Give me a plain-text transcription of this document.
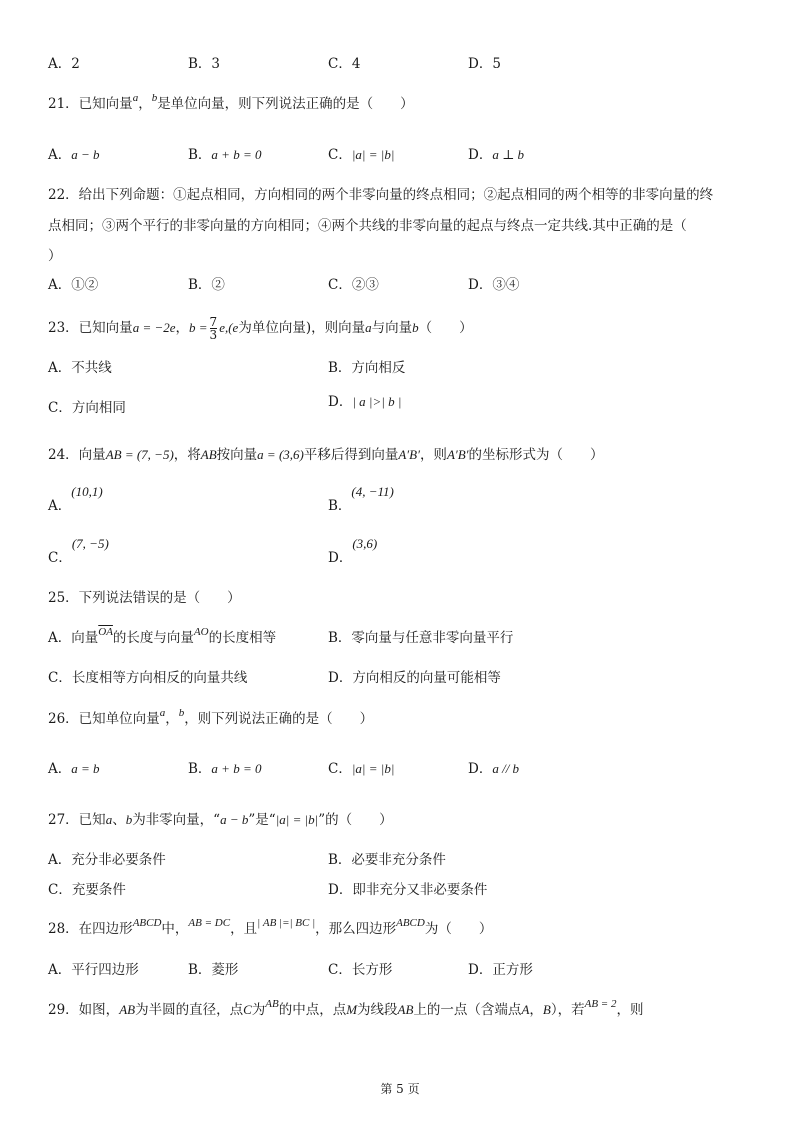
A．2	B．3	C．4	D．5
21．已知向量$^a$，$^b$是单位向量，则下列说法正确的是（　　）
A．a − b	B．a + b = 0	C．|a| = |b|	D．a ⊥ b
22．给出下列命题：①起点相同，方向相同的两个非零向量的终点相同；②起点相同的两个相等的非零向量的终
点相同；③两个平行的非零向量的方向相同；④两个共线的非零向量的起点与终点一定共线.其中正确的是（
）
A．①②	B．②	C．②③	D．③④
23．已知向量a = −2e，$b = \frac{7}{3} e,(e$为单位向量)，则向量a与向量b（　　）
A．不共线	B．方向相反
C．方向相同	D．| a |>| b |
24．向量AB = (7, −5)，将AB按向量a = (3,6)平移后得到向量A′B′，则A′B′的坐标形式为（　　）
A．(10,1)
B．(4, −11)
C．(7, −5)
D．(3,6)
25．下列说法错误的是（　　）
A．向量$^{\overline{OA}}$的长度与向量$^{AO}$的长度相等	B．零向量与任意非零向量平行
C．长度相等方向相反的向量共线	D．方向相反的向量可能相等
26．已知单位向量$^a$，$^b$，则下列说法正确的是（　　）
A．a = b	B．a + b = 0	C．|a| = |b|	D．a // b
27．已知a、b为非零向量，“a − b”是“|a| = |b|”的（　　）
A．充分非必要条件	B．必要非充分条件
C．充要条件	D．即非充分又非必要条件
28．在四边形$^{ABCD}$中，$^{AB = DC}$，且$^{| AB |=| BC |}$，那么四边形$^{ABCD}$为（　　）
A．平行四边形	B．菱形	C．长方形	D．正方形
29．如图，AB为半圆的直径，点C为$^{AB}$的中点，点M为线段AB上的一点（含端点A，B），若$^{AB = 2}$，则
第 5 页
